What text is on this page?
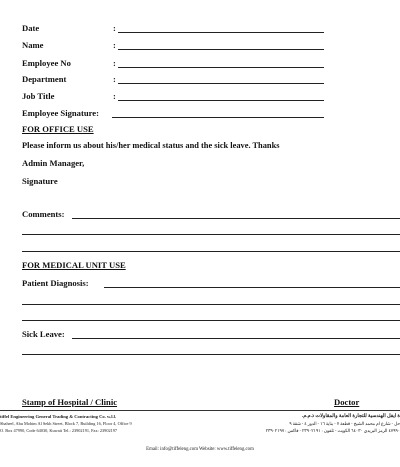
Date	:
Name	:
Employee No	:
Department	:
Job Title	:
Employee Signature:
FOR OFFICE USE
Please inform us about his/her medical status and the sick leave. Thanks
Admin Manager,
Signature
Comments:
FOR MEDICAL UNIT USE
Patient Diagnosis:
Sick Leave:
Stamp of Hospital / Clinic	Doctor
tiffel Engineering General Trading & Contracting Co. w.l.l.
Shaheel, Abu Mohim Al Sekh Street, Block 7, Building 16, Floor 4, Office 9
O. Box 47990, Code 64030, Kuwait Tel.: 23902191, Fax: 23902197
ة ايفل الهندسية للتجارة العامة والمقاولات ذ.م.م.
حل - شارع ام محمد الشيخ - قطعة ٧ - بناية ١٦ - الدور ٤ - شقة ٩
٤٧٩٩٠ الرمز البريدي ٦٤٠٣٠ الكويت - تلفون : ٢٣٩٠٢١٩١ - فاكس : ٢٣٩٠٢١٩٧
Email: info@tiffeleng.com Website: www.tiffeleng.com
